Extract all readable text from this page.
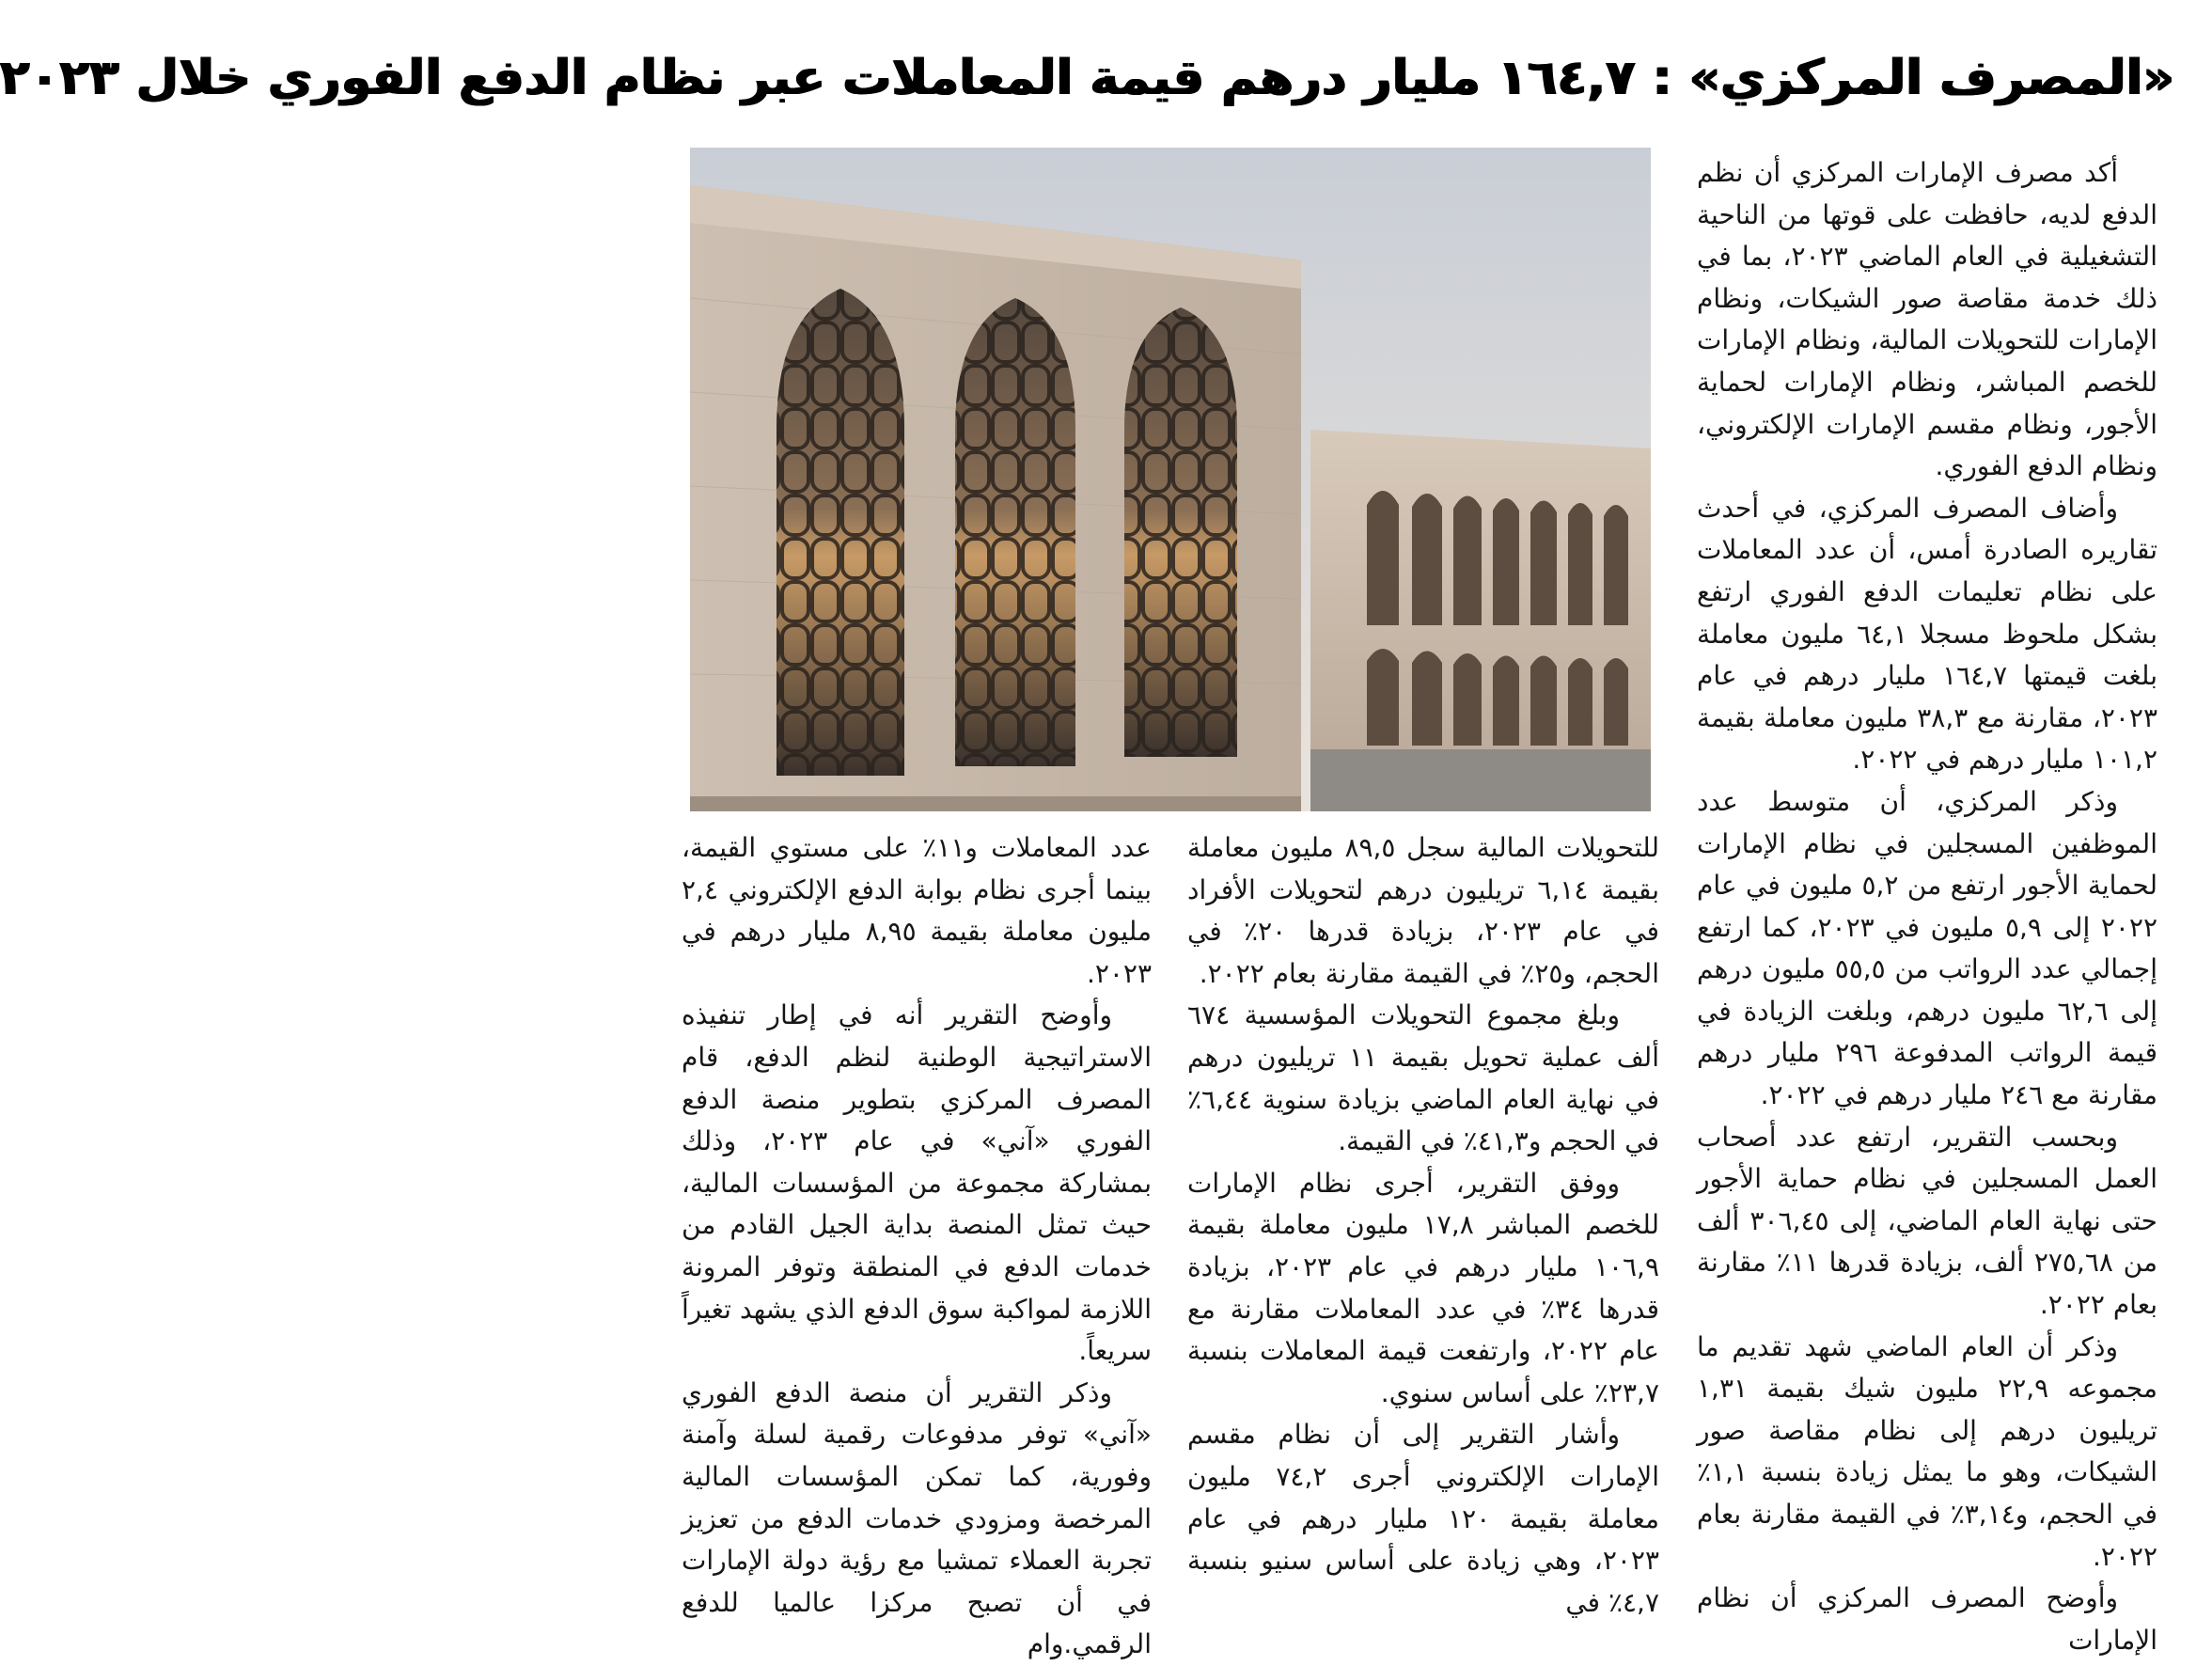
«المصرف المركزي» : ١٦٤,٧ مليار درهم قيمة المعاملات عبر نظام الدفع الفوري خلال ٢٠٢٣

أكد مصرف الإمارات المركزي أن نظم الدفع لديه، حافظت على قوتها من الناحية التشغيلية في العام الماضي ٢٠٢٣، بما في ذلك خدمة مقاصة صور الشيكات، ونظام الإمارات للتحويلات المالية، ونظام الإمارات للخصم المباشر، ونظام الإمارات لحماية الأجور، ونظام مقسم الإمارات الإلكتروني، ونظام الدفع الفوري.

وأضاف المصرف المركزي، في أحدث تقاريره الصادرة أمس، أن عدد المعاملات على نظام تعليمات الدفع الفوري ارتفع بشكل ملحوظ مسجلا ٦٤,١ مليون معاملة بلغت قيمتها ١٦٤,٧ مليار درهم في عام ٢٠٢٣، مقارنة مع ٣٨,٣ مليون معاملة بقيمة ١٠١,٢ مليار درهم في ٢٠٢٢.

وذكر المركزي، أن متوسط عدد الموظفين المسجلين في نظام الإمارات لحماية الأجور ارتفع من ٥,٢ مليون في عام ٢٠٢٢ إلى ٥,٩ مليون في ٢٠٢٣، كما ارتفع إجمالي عدد الرواتب من ٥٥,٥ مليون درهم إلى ٦٢,٦ مليون درهم، وبلغت الزيادة في قيمة الرواتب المدفوعة ٢٩٦ مليار درهم مقارنة مع ٢٤٦ مليار درهم في ٢٠٢٢.

وبحسب التقرير، ارتفع عدد أصحاب العمل المسجلين في نظام حماية الأجور حتى نهاية العام الماضي، إلى ٣٠٦,٤٥ ألف من ٢٧٥,٦٨ ألف، بزيادة قدرها ١١٪ مقارنة بعام ٢٠٢٢.

وذكر أن العام الماضي شهد تقديم ما مجموعه ٢٢,٩ مليون شيك بقيمة ١,٣١ تريليون درهم إلى نظام مقاصة صور الشيكات، وهو ما يمثل زيادة بنسبة ١,١٪ في الحجم، و٣,١٤٪ في القيمة مقارنة بعام ٢٠٢٢.

وأوضح المصرف المركزي أن نظام الإمارات

للتحويلات المالية سجل ٨٩,٥ مليون معاملة بقيمة ٦,١٤ تريليون درهم لتحويلات الأفراد في عام ٢٠٢٣، بزيادة قدرها ٢٠٪ في الحجم، و٢٥٪ في القيمة مقارنة بعام ٢٠٢٢.

وبلغ مجموع التحويلات المؤسسية ٦٧٤ ألف عملية تحويل بقيمة ١١ تريليون درهم في نهاية العام الماضي بزيادة سنوية ٦,٤٤٪ في الحجم و٤١,٣٪ في القيمة.

ووفق التقرير، أجرى نظام الإمارات للخصم المباشر ١٧,٨ مليون معاملة بقيمة ١٠٦,٩ مليار درهم في عام ٢٠٢٣، بزيادة قدرها ٣٤٪ في عدد المعاملات مقارنة مع عام ٢٠٢٢، وارتفعت قيمة المعاملات بنسبة ٢٣,٧٪ على أساس سنوي.

وأشار التقرير إلى أن نظام مقسم الإمارات الإلكتروني أجرى ٧٤,٢ مليون معاملة بقيمة ١٢٠ مليار درهم في عام ٢٠٢٣، وهي زيادة على أساس سنيو بنسبة ٤,٧٪ في

عدد المعاملات و١١٪ على مستوي القيمة، بينما أجرى نظام بوابة الدفع الإلكتروني ٢,٤ مليون معاملة بقيمة ٨,٩٥ مليار درهم في ٢٠٢٣.

وأوضح التقرير أنه في إطار تنفيذه الاستراتيجية الوطنية لنظم الدفع، قام المصرف المركزي بتطوير منصة الدفع الفوري «آني» في عام ٢٠٢٣، وذلك بمشاركة مجموعة من المؤسسات المالية، حيث تمثل المنصة بداية الجيل القادم من خدمات الدفع في المنطقة وتوفر المرونة اللازمة لمواكبة سوق الدفع الذي يشهد تغيراً سريعاً.

وذكر التقرير أن منصة الدفع الفوري «آني» توفر مدفوعات رقمية لسلة وآمنة وفورية، كما تمكن المؤسسات المالية المرخصة ومزودي خدمات الدفع من تعزيز تجربة العملاء تمشيا مع رؤية دولة الإمارات في أن تصبح مركزا عالميا للدفع الرقمي.وام
